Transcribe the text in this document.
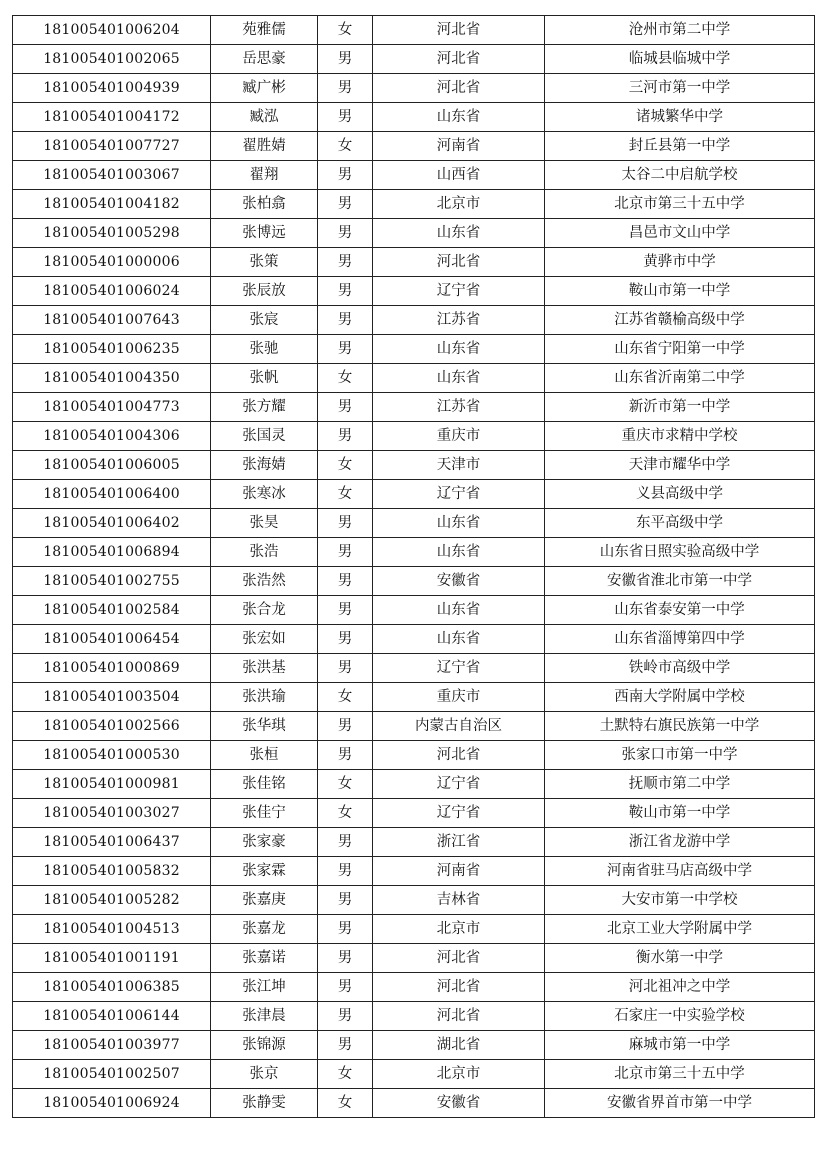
181005401006204	苑雅儒	女	河北省	沧州市第二中学
181005401002065	岳思豪	男	河北省	临城县临城中学
181005401004939	臧广彬	男	河北省	三河市第一中学
181005401004172	臧泓	男	山东省	诸城繁华中学
181005401007727	翟胜婧	女	河南省	封丘县第一中学
181005401003067	翟翔	男	山西省	太谷二中启航学校
181005401004182	张柏翕	男	北京市	北京市第三十五中学
181005401005298	张博远	男	山东省	昌邑市文山中学
181005401000006	张策	男	河北省	黄骅市中学
181005401006024	张辰放	男	辽宁省	鞍山市第一中学
181005401007643	张宸	男	江苏省	江苏省赣榆高级中学
181005401006235	张驰	男	山东省	山东省宁阳第一中学
181005401004350	张帆	女	山东省	山东省沂南第二中学
181005401004773	张方耀	男	江苏省	新沂市第一中学
181005401004306	张国灵	男	重庆市	重庆市求精中学校
181005401006005	张海婧	女	天津市	天津市耀华中学
181005401006400	张寒冰	女	辽宁省	义县高级中学
181005401006402	张昊	男	山东省	东平高级中学
181005401006894	张浩	男	山东省	山东省日照实验高级中学
181005401002755	张浩然	男	安徽省	安徽省淮北市第一中学
181005401002584	张合龙	男	山东省	山东省泰安第一中学
181005401006454	张宏如	男	山东省	山东省淄博第四中学
181005401000869	张洪基	男	辽宁省	铁岭市高级中学
181005401003504	张洪瑜	女	重庆市	西南大学附属中学校
181005401002566	张华琪	男	内蒙古自治区	土默特右旗民族第一中学
181005401000530	张桓	男	河北省	张家口市第一中学
181005401000981	张佳铭	女	辽宁省	抚顺市第二中学
181005401003027	张佳宁	女	辽宁省	鞍山市第一中学
181005401006437	张家豪	男	浙江省	浙江省龙游中学
181005401005832	张家霖	男	河南省	河南省驻马店高级中学
181005401005282	张嘉庚	男	吉林省	大安市第一中学校
181005401004513	张嘉龙	男	北京市	北京工业大学附属中学
181005401001191	张嘉诺	男	河北省	衡水第一中学
181005401006385	张江坤	男	河北省	河北祖冲之中学
181005401006144	张津晨	男	河北省	石家庄一中实验学校
181005401003977	张锦源	男	湖北省	麻城市第一中学
181005401002507	张京	女	北京市	北京市第三十五中学
181005401006924	张静雯	女	安徽省	安徽省界首市第一中学
